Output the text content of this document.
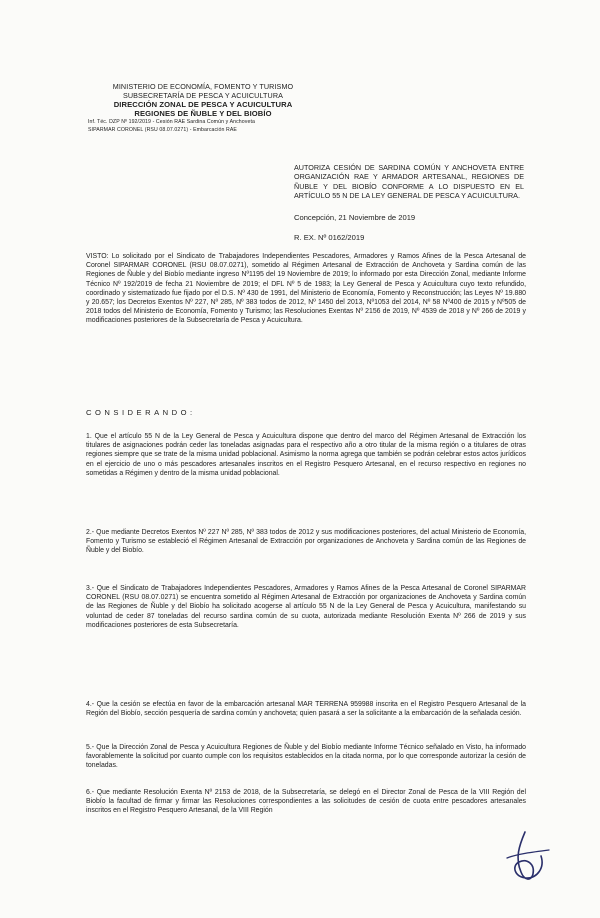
MINISTERIO DE ECONOMÍA, FOMENTO Y TURISMO
SUBSECRETARÍA DE PESCA Y ACUICULTURA
DIRECCIÓN ZONAL DE PESCA Y ACUICULTURA
REGIONES DE ÑUBLE Y DEL BIOBÍO
Inf. Téc. DZP Nº 192/2019 - Cesión RAE Sardina Común y Anchoveta
SIPARMAR CORONEL (RSU 08.07.0271) - Embarcación RAE
AUTORIZA CESIÓN DE SARDINA COMÚN Y ANCHOVETA ENTRE ORGANIZACIÓN RAE Y ARMADOR ARTESANAL, REGIONES DE ÑUBLE Y DEL BIOBÍO CONFORME A LO DISPUESTO EN EL ARTÍCULO 55 N DE LA LEY GENERAL DE PESCA Y ACUICULTURA.
Concepción, 21 Noviembre de 2019
R. EX. Nº 0162/2019
VISTO: Lo solicitado por el Sindicato de Trabajadores Independientes Pescadores, Armadores y Ramos Afines de la Pesca Artesanal de Coronel SIPARMAR CORONEL (RSU 08.07.0271), sometido al Régimen Artesanal de Extracción de Anchoveta y Sardina común de las Regiones de Ñuble y del Biobío mediante ingreso Nº1195 del 19 Noviembre de 2019; lo informado por esta Dirección Zonal, mediante Informe Técnico Nº 192/2019 de fecha 21 Noviembre de 2019; el DFL Nº 5 de 1983; la Ley General de Pesca y Acuicultura cuyo texto refundido, coordinado y sistematizado fue fijado por el D.S. Nº 430 de 1991, del Ministerio de Economía, Fomento y Reconstrucción; las Leyes Nº 19.880 y 20.657; los Decretos Exentos Nº 227, Nº 285, Nº 383 todos de 2012, Nº 1450 del 2013, Nº1053 del 2014, Nº 58 Nº400 de 2015 y Nº505 de 2018 todos del Ministerio de Economía, Fomento y Turismo; las Resoluciones Exentas Nº 2156 de 2019, Nº 4539 de 2018 y Nº 266 de 2019 y modificaciones posteriores de la Subsecretaría de Pesca y Acuicultura.
CONSIDERANDO:
1. Que el artículo 55 N de la Ley General de Pesca y Acuicultura dispone que dentro del marco del Régimen Artesanal de Extracción los titulares de asignaciones podrán ceder las toneladas asignadas para el respectivo año a otro titular de la misma región o a titulares de otras regiones siempre que se trate de la misma unidad poblacional. Asimismo la norma agrega que también se podrán celebrar estos actos jurídicos en el ejercicio de uno o más pescadores artesanales inscritos en el Registro Pesquero Artesanal, en el recurso respectivo en regiones no sometidas a Régimen y dentro de la misma unidad poblacional.
2.- Que mediante Decretos Exentos Nº 227 Nº 285, Nº 383 todos de 2012 y sus modificaciones posteriores, del actual Ministerio de Economía, Fomento y Turismo se estableció el Régimen Artesanal de Extracción por organizaciones de Anchoveta y Sardina común de las Regiones de Ñuble y del Biobío.
3.- Que el Sindicato de Trabajadores Independientes Pescadores, Armadores y Ramos Afines de la Pesca Artesanal de Coronel SIPARMAR CORONEL (RSU 08.07.0271) se encuentra sometido al Régimen Artesanal de Extracción por organizaciones de Anchoveta y Sardina común de las Regiones de Ñuble y del Biobío ha solicitado acogerse al artículo 55 N de la Ley General de Pesca y Acuicultura, manifestando su voluntad de ceder 87 toneladas del recurso sardina común de su cuota, autorizada mediante Resolución Exenta Nº 266 de 2019 y sus modificaciones posteriores de esta Subsecretaría.
4.- Que la cesión se efectúa en favor de la embarcación artesanal MAR TERRENA 959988 inscrita en el Registro Pesquero Artesanal de la Región del Biobío, sección pesquería de sardina común y anchoveta; quien pasará a ser la solicitante a la embarcación de la señalada cesión.
5.- Que la Dirección Zonal de Pesca y Acuicultura Regiones de Ñuble y del Biobío mediante Informe Técnico señalado en Visto, ha informado favorablemente la solicitud por cuanto cumple con los requisitos establecidos en la citada norma, por lo que corresponde autorizar la cesión de toneladas.
6.- Que mediante Resolución Exenta Nº 2153 de 2018, de la Subsecretaría, se delegó en el Director Zonal de Pesca de la VIII Región del Biobío la facultad de firmar y firmar las Resoluciones correspondientes a las solicitudes de cesión de cuota entre pescadores artesanales inscritos en el Registro Pesquero Artesanal, de la VIII Región
